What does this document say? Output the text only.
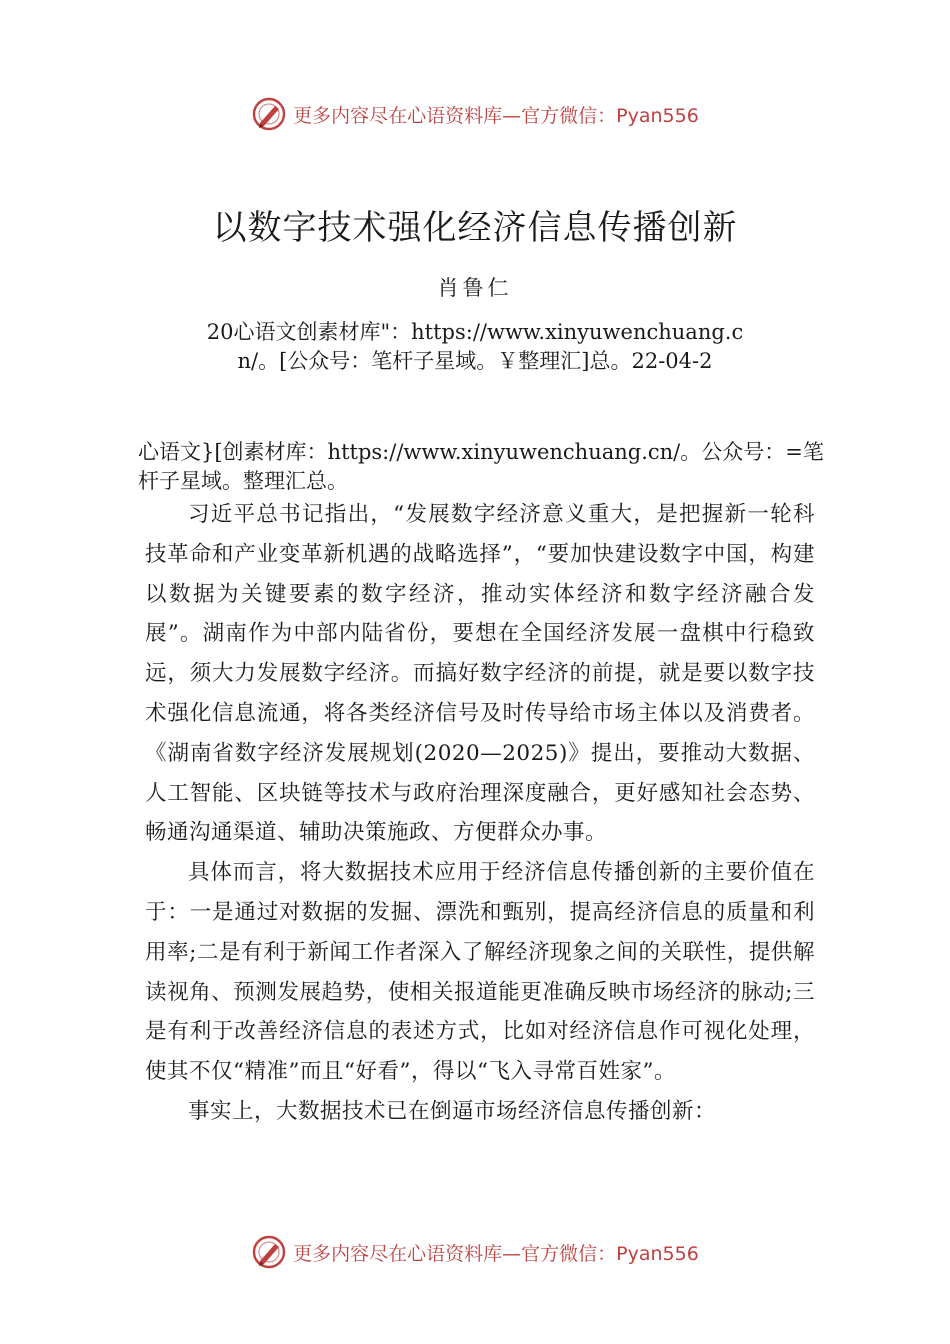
更多内容尽在心语资料库—官方微信：Pyan556
以数字技术强化经济信息传播创新
肖鲁仁
20心语文创素材库"：https://www.xinyuwenchuang.cn/。[公众号：笔杆子星域。￥整理汇]总。22-04-2
心语文}[创素材库：https://www.xinyuwenchuang.cn/。公众号：=笔杆子星域。整理汇总。

习近平总书记指出，“发展数字经济意义重大，是把握新一轮科技革命和产业变革新机遇的战略选择”，“要加快建设数字中国，构建以数据为关键要素的数字经济，推动实体经济和数字经济融合发展”。湖南作为中部内陆省份，要想在全国经济发展一盘棋中行稳致远，须大力发展数字经济。而搞好数字经济的前提，就是要以数字技术强化信息流通，将各类经济信号及时传导给市场主体以及消费者。《湖南省数字经济发展规划(2020—2025)》提出，要推动大数据、人工智能、区块链等技术与政府治理深度融合，更好感知社会态势、畅通沟通渠道、辅助决策施政、方便群众办事。

具体而言，将大数据技术应用于经济信息传播创新的主要价值在于：一是通过对数据的发掘、漂洗和甄别，提高经济信息的质量和利用率;二是有利于新闻工作者深入了解经济现象之间的关联性，提供解读视角、预测发展趋势，使相关报道能更准确反映市场经济的脉动;三是有利于改善经济信息的表述方式，比如对经济信息作可视化处理，使其不仅“精准”而且“好看”，得以“飞入寻常百姓家”。

事实上，大数据技术已在倒逼市场经济信息传播创新：

更多内容尽在心语资料库—官方微信：Pyan556
